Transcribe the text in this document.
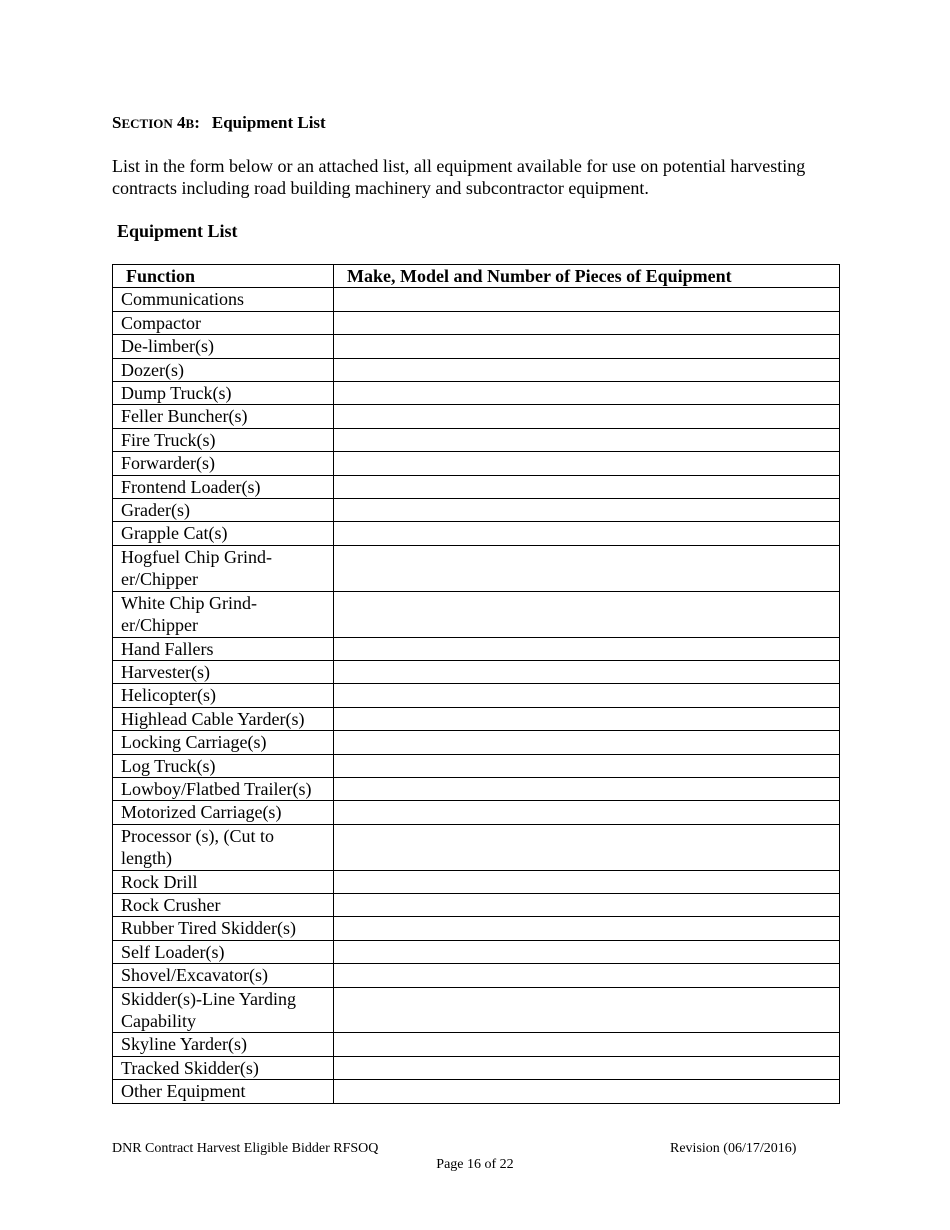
SECTION 4B: Equipment List
List in the form below or an attached list, all equipment available for use on potential harvesting contracts including road building machinery and subcontractor equipment.
Equipment List
Function	Make, Model and Number of Pieces of Equipment
Communications	
Compactor	
De-limber(s)	
Dozer(s)	
Dump Truck(s)	
Feller Buncher(s)	
Fire Truck(s)	
Forwarder(s)	
Frontend Loader(s)	
Grader(s)	
Grapple Cat(s)	
Hogfuel Chip Grind-er/Chipper	
White Chip Grind-er/Chipper	
Hand Fallers	
Harvester(s)	
Helicopter(s)	
Highlead Cable Yarder(s)	
Locking Carriage(s)	
Log Truck(s)	
Lowboy/Flatbed Trailer(s)	
Motorized Carriage(s)	
Processor (s), (Cut to length)	
Rock Drill	
Rock Crusher	
Rubber Tired Skidder(s)	
Self Loader(s)	
Shovel/Excavator(s)	
Skidder(s)-Line Yarding Capability	
Skyline Yarder(s)	
Tracked Skidder(s)	
Other Equipment	
DNR Contract Harvest Eligible Bidder RFSOQ	Revision (06/17/2016)
Page 16 of 22
